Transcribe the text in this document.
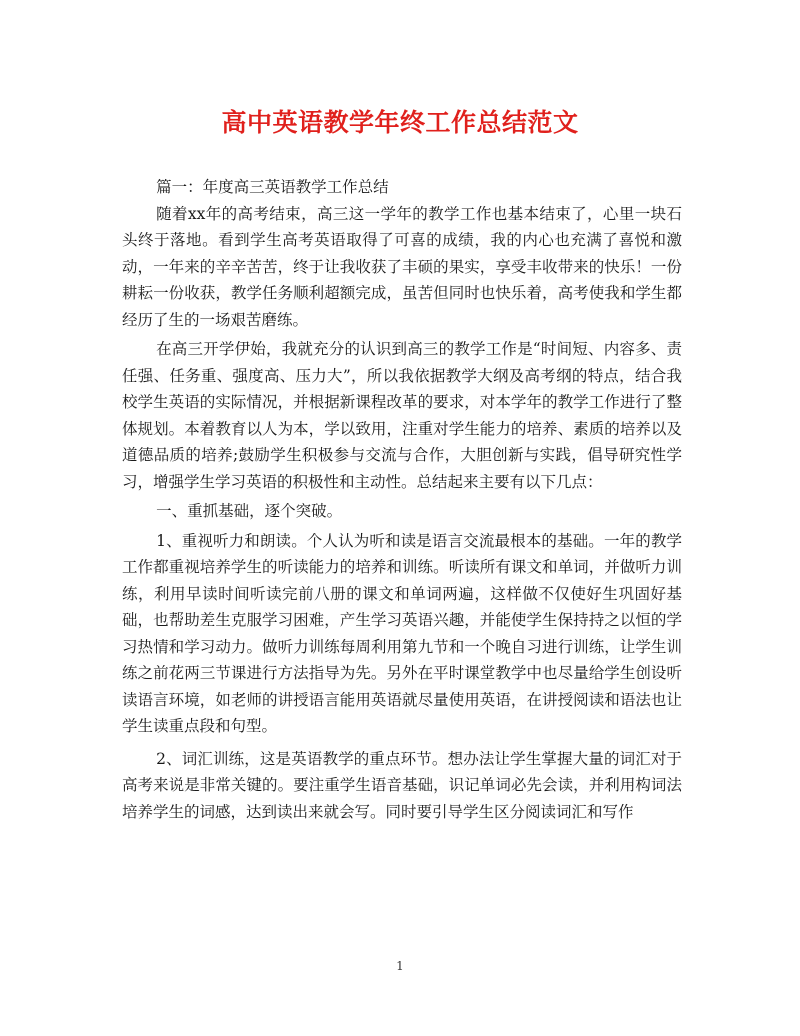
高中英语教学年终工作总结范文

篇一：年度高三英语教学工作总结

随着xx年的高考结束，高三这一学年的教学工作也基本结束了，心里一块石头终于落地。看到学生高考英语取得了可喜的成绩，我的内心也充满了喜悦和激动，一年来的辛辛苦苦，终于让我收获了丰硕的果实，享受丰收带来的快乐！一份耕耘一份收获，教学任务顺利超额完成，虽苦但同时也快乐着，高考使我和学生都经历了生的一场艰苦磨练。

在高三开学伊始，我就充分的认识到高三的教学工作是“时间短、内容多、责任强、任务重、强度高、压力大”，所以我依据教学大纲及高考纲的特点，结合我校学生英语的实际情况，并根据新课程改革的要求，对本学年的教学工作进行了整体规划。本着教育以人为本，学以致用，注重对学生能力的培养、素质的培养以及道德品质的培养;鼓励学生积极参与交流与合作，大胆创新与实践，倡导研究性学习，增强学生学习英语的积极性和主动性。总结起来主要有以下几点：

一、重抓基础，逐个突破。

1、重视听力和朗读。个人认为听和读是语言交流最根本的基础。一年的教学工作都重视培养学生的听读能力的培养和训练。听读所有课文和单词，并做听力训练，利用早读时间听读完前八册的课文和单词两遍，这样做不仅使好生巩固好基础，也帮助差生克服学习困难，产生学习英语兴趣，并能使学生保持持之以恒的学习热情和学习动力。做听力训练每周利用第九节和一个晚自习进行训练，让学生训练之前花两三节课进行方法指导为先。另外在平时课堂教学中也尽量给学生创设听读语言环境，如老师的讲授语言能用英语就尽量使用英语，在讲授阅读和语法也让学生读重点段和句型。

2、词汇训练，这是英语教学的重点环节。想办法让学生掌握大量的词汇对于高考来说是非常关键的。要注重学生语音基础，识记单词必先会读，并利用构词法培养学生的词感，达到读出来就会写。同时要引导学生区分阅读词汇和写作

1
